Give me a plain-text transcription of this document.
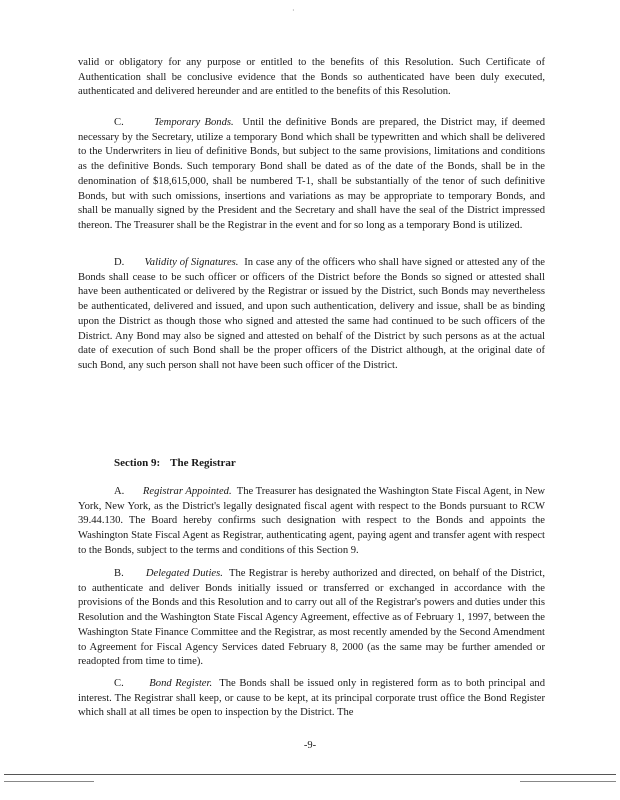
·

valid or obligatory for any purpose or entitled to the benefits of this Resolution. Such Certificate of Authentication shall be conclusive evidence that the Bonds so authenticated have been duly executed, authenticated and delivered hereunder and are entitled to the benefits of this Resolution.

C.	Temporary Bonds. Until the definitive Bonds are prepared, the District may, if deemed necessary by the Secretary, utilize a temporary Bond which shall be typewritten and which shall be delivered to the Underwriters in lieu of definitive Bonds, but subject to the same provisions, limitations and conditions as the definitive Bonds. Such temporary Bond shall be dated as of the date of the Bonds, shall be in the denomination of $18,615,000, shall be numbered T-1, shall be substantially of the tenor of such definitive Bonds, but with such omissions, insertions and variations as may be appropriate to temporary Bonds, and shall be manually signed by the President and the Secretary and shall have the seal of the District impressed thereon. The Treasurer shall be the Registrar in the event and for so long as a temporary Bond is utilized.

D. Validity of Signatures. In case any of the officers who shall have signed or attested any of the Bonds shall cease to be such officer or officers of the District before the Bonds so signed or attested shall have been authenticated or delivered by the Registrar or issued by the District, such Bonds may nevertheless be authenticated, delivered and issued, and upon such authentication, delivery and issue, shall be as binding upon the District as though those who signed and attested the same had continued to be such officers of the District. Any Bond may also be signed and attested on behalf of the District by such persons as at the actual date of execution of such Bond shall be the proper officers of the District although, at the original date of such Bond, any such person shall not have been such officer of the District.

Section 9: The Registrar

A. Registrar Appointed. The Treasurer has designated the Washington State Fiscal Agent, in New York, New York, as the District's legally designated fiscal agent with respect to the Bonds pursuant to RCW 39.44.130. The Board hereby confirms such designation with respect to the Bonds and appoints the Washington State Fiscal Agent as Registrar, authenticating agent, paying agent and transfer agent with respect to the Bonds, subject to the terms and conditions of this Section 9.

B. Delegated Duties. The Registrar is hereby authorized and directed, on behalf of the District, to authenticate and deliver Bonds initially issued or transferred or exchanged in accordance with the provisions of the Bonds and this Resolution and to carry out all of the Registrar's powers and duties under this Resolution and the Washington State Fiscal Agency Agreement, effective as of February 1, 1997, between the Washington State Finance Committee and the Registrar, as most recently amended by the Second Amendment to Agreement for Fiscal Agency Services dated February 8, 2000 (as the same may be further amended or readopted from time to time).

C. Bond Register. The Bonds shall be issued only in registered form as to both principal and interest. The Registrar shall keep, or cause to be kept, at its principal corporate trust office the Bond Register which shall at all times be open to inspection by the District. The

-9-
